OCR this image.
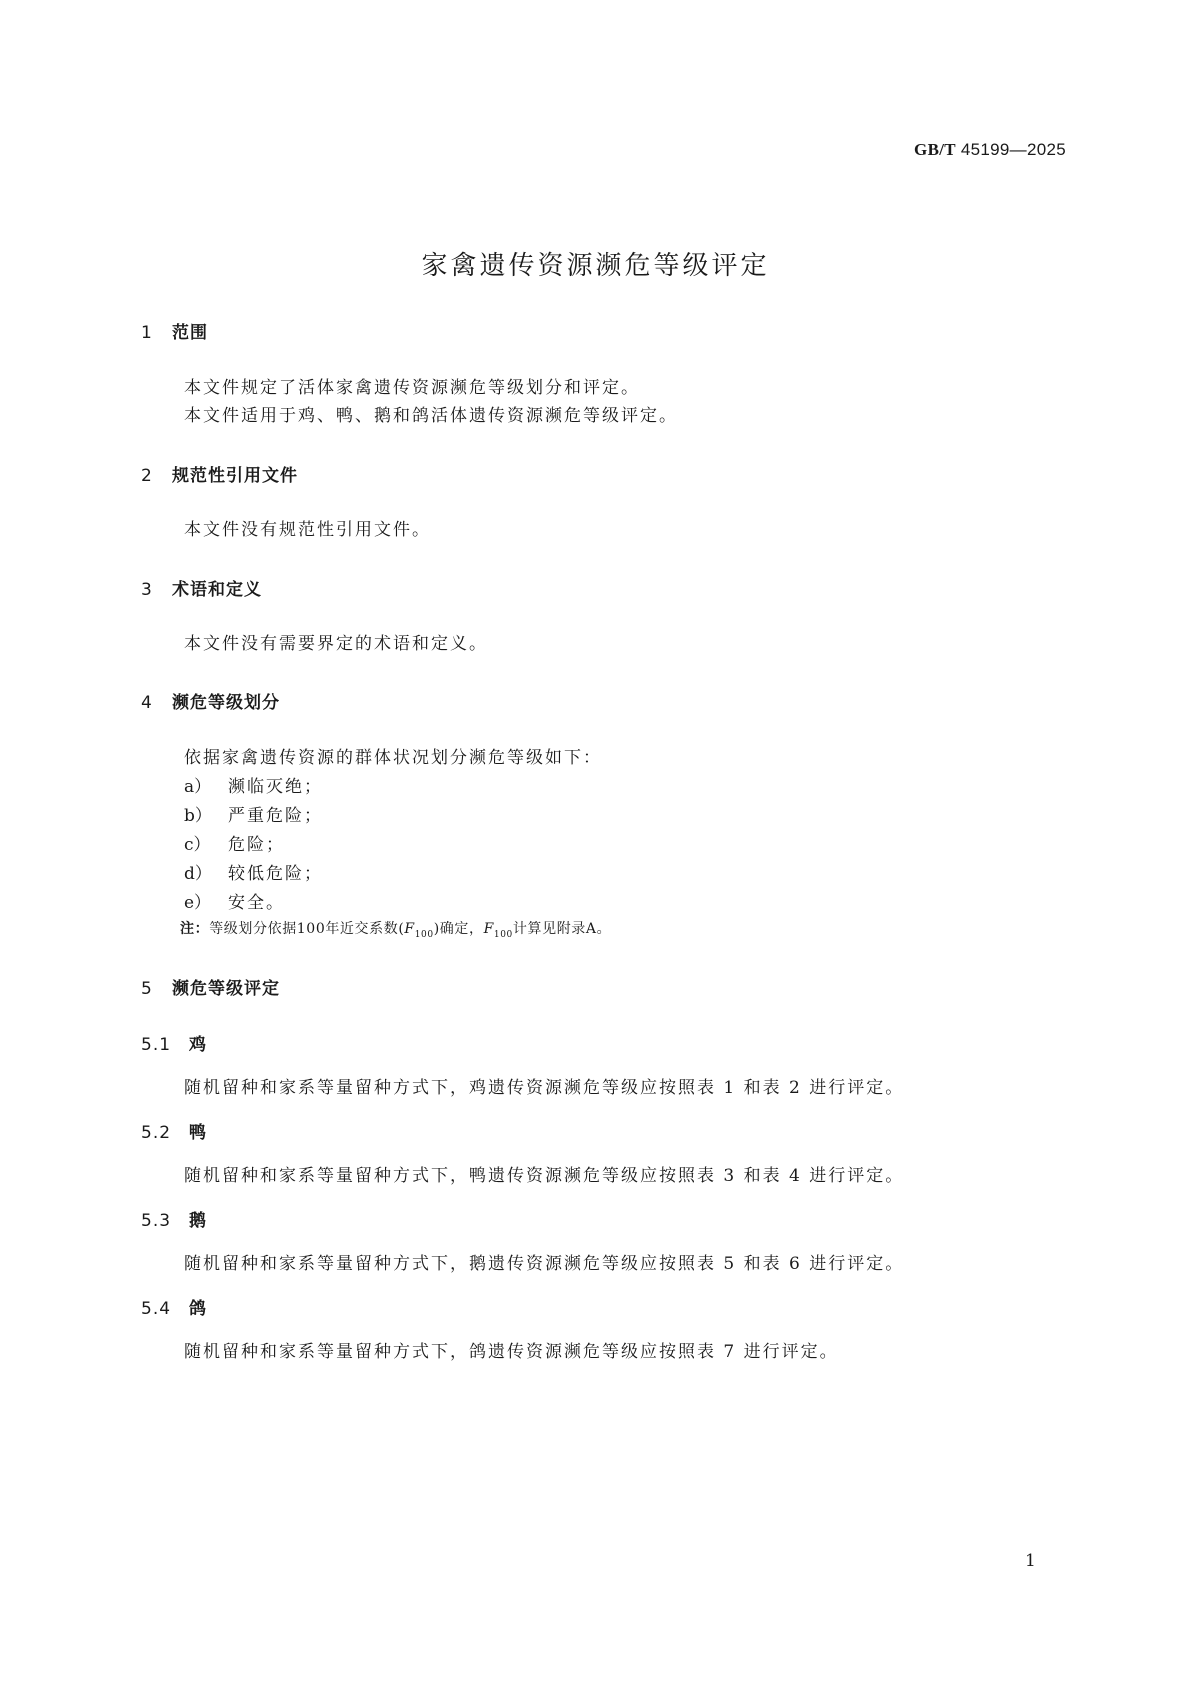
GB/T 45199—2025
家禽遗传资源濒危等级评定
1 范围
本文件规定了活体家禽遗传资源濒危等级划分和评定。
本文件适用于鸡、鸭、鹅和鸽活体遗传资源濒危等级评定。
2 规范性引用文件
本文件没有规范性引用文件。
3 术语和定义
本文件没有需要界定的术语和定义。
4 濒危等级划分
依据家禽遗传资源的群体状况划分濒危等级如下：
a） 濒临灭绝；
b） 严重危险；
c） 危险；
d） 较低危险；
e） 安全。
注：等级划分依据100年近交系数$(F_{100})$确定，$F_{100}$计算见附录A。
5 濒危等级评定
5.1 鸡
随机留种和家系等量留种方式下，鸡遗传资源濒危等级应按照表 1 和表 2 进行评定。
5.2 鸭
随机留种和家系等量留种方式下，鸭遗传资源濒危等级应按照表 3 和表 4 进行评定。
5.3 鹅
随机留种和家系等量留种方式下，鹅遗传资源濒危等级应按照表 5 和表 6 进行评定。
5.4 鸽
随机留种和家系等量留种方式下，鸽遗传资源濒危等级应按照表 7 进行评定。
1
